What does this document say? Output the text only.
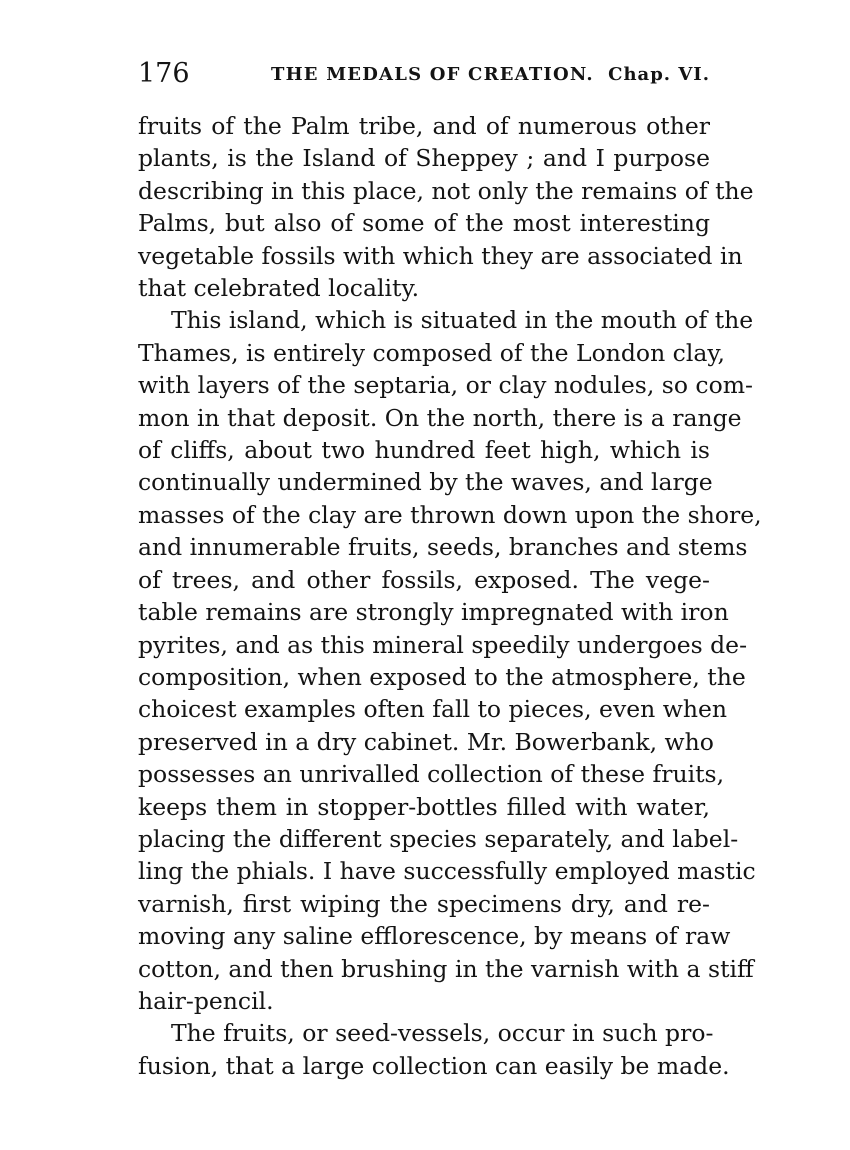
176	THE MEDALS OF CREATION. Chap. VI.
fruits of the Palm tribe, and of numerous other
plants, is the Island of Sheppey ; and I purpose
describing in this place, not only the remains of the
Palms, but also of some of the most interesting
vegetable fossils with which they are associated in
that celebrated locality.
This island, which is situated in the mouth of the
Thames, is entirely composed of the London clay,
with layers of the septaria, or clay nodules, so com-
mon in that deposit. On the north, there is a range
of cliffs, about two hundred feet high, which is
continually undermined by the waves, and large
masses of the clay are thrown down upon the shore,
and innumerable fruits, seeds, branches and stems
of trees, and other fossils, exposed. The vege-
table remains are strongly impregnated with iron
pyrites, and as this mineral speedily undergoes de-
composition, when exposed to the atmosphere, the
choicest examples often fall to pieces, even when
preserved in a dry cabinet. Mr. Bowerbank, who
possesses an unrivalled collection of these fruits,
keeps them in stopper-bottles filled with water,
placing the different species separately, and label-
ling the phials. I have successfully employed mastic
varnish, first wiping the specimens dry, and re-
moving any saline efflorescence, by means of raw
cotton, and then brushing in the varnish with a stiff
hair-pencil.
The fruits, or seed-vessels, occur in such pro-
fusion, that a large collection can easily be made.
